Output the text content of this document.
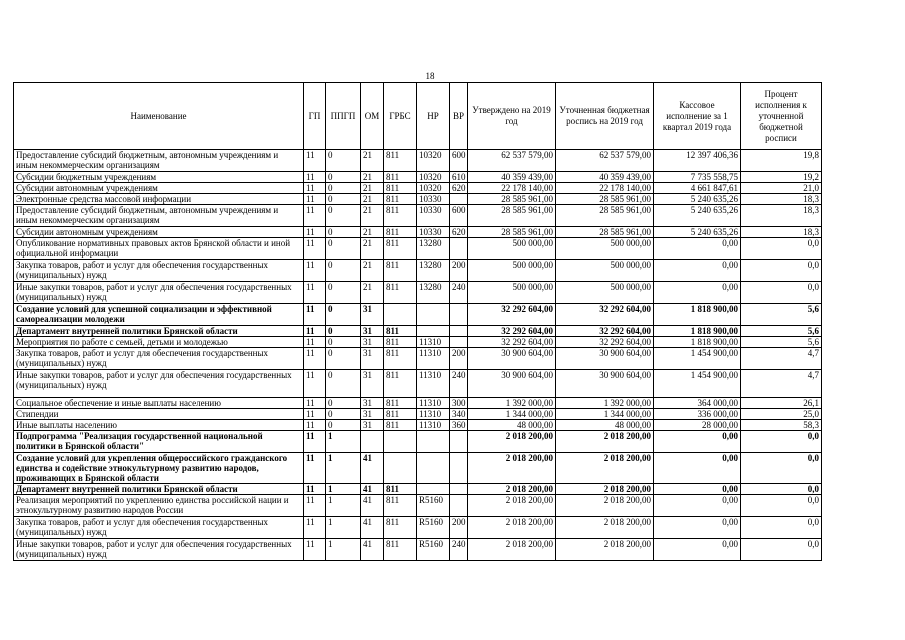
18
Наименование	ГП	ППГП	ОМ	ГРБС	НР	ВР	Утверждено на 2019 год	Уточненная бюджетная роспись на 2019 год	Кассовое исполнение за 1 квартал 2019 года	Процент исполнения к уточненной бюджетной росписи
Предоставление субсидий бюджетным, автономным учреждениям и иным некоммерческим организациям	11	0	21	811	10320	600	62 537 579,00	62 537 579,00	12 397 406,36	19,8
Субсидии бюджетным учреждениям	11	0	21	811	10320	610	40 359 439,00	40 359 439,00	7 735 558,75	19,2
Субсидии автономным учреждениям	11	0	21	811	10320	620	22 178 140,00	22 178 140,00	4 661 847,61	21,0
Электронные средства массовой информации	11	0	21	811	10330		28 585 961,00	28 585 961,00	5 240 635,26	18,3
Предоставление субсидий бюджетным, автономным учреждениям и иным некоммерческим организациям	11	0	21	811	10330	600	28 585 961,00	28 585 961,00	5 240 635,26	18,3
Субсидии автономным учреждениям	11	0	21	811	10330	620	28 585 961,00	28 585 961,00	5 240 635,26	18,3
Опубликование нормативных правовых актов Брянской области и иной официальной информации	11	0	21	811	13280		500 000,00	500 000,00	0,00	0,0
Закупка товаров, работ и услуг для обеспечения государственных (муниципальных) нужд	11	0	21	811	13280	200	500 000,00	500 000,00	0,00	0,0
Иные закупки товаров, работ и услуг для обеспечения государственных (муниципальных) нужд	11	0	21	811	13280	240	500 000,00	500 000,00	0,00	0,0
Создание условий для успешной социализации и эффективной самореализации молодежи	11	0	31				32 292 604,00	32 292 604,00	1 818 900,00	5,6
Департамент внутренней политики Брянской области	11	0	31	811			32 292 604,00	32 292 604,00	1 818 900,00	5,6
Мероприятия по работе с семьей, детьми и молодежью	11	0	31	811	11310		32 292 604,00	32 292 604,00	1 818 900,00	5,6
Закупка товаров, работ и услуг для обеспечения государственных (муниципальных) нужд	11	0	31	811	11310	200	30 900 604,00	30 900 604,00	1 454 900,00	4,7
Иные закупки товаров, работ и услуг для обеспечения государственных (муниципальных) нужд	11	0	31	811	11310	240	30 900 604,00	30 900 604,00	1 454 900,00	4,7
Социальное обеспечение и иные выплаты населению	11	0	31	811	11310	300	1 392 000,00	1 392 000,00	364 000,00	26,1
Стипендии	11	0	31	811	11310	340	1 344 000,00	1 344 000,00	336 000,00	25,0
Иные выплаты населению	11	0	31	811	11310	360	48 000,00	48 000,00	28 000,00	58,3
Подпрограмма "Реализация государственной национальной политики в Брянской области"	11	1					2 018 200,00	2 018 200,00	0,00	0,0
Создание условий для укрепления общероссийского гражданского единства и содействие этнокультурному развитию народов, проживающих в Брянской области	11	1	41				2 018 200,00	2 018 200,00	0,00	0,0
Департамент внутренней политики Брянской области	11	1	41	811			2 018 200,00	2 018 200,00	0,00	0,0
Реализация мероприятий по укреплению единства российской нации и этнокультурному развитию народов России	11	1	41	811	R5160		2 018 200,00	2 018 200,00	0,00	0,0
Закупка товаров, работ и услуг для обеспечения государственных (муниципальных) нужд	11	1	41	811	R5160	200	2 018 200,00	2 018 200,00	0,00	0,0
Иные закупки товаров, работ и услуг для обеспечения государственных (муниципальных) нужд	11	1	41	811	R5160	240	2 018 200,00	2 018 200,00	0,00	0,0
